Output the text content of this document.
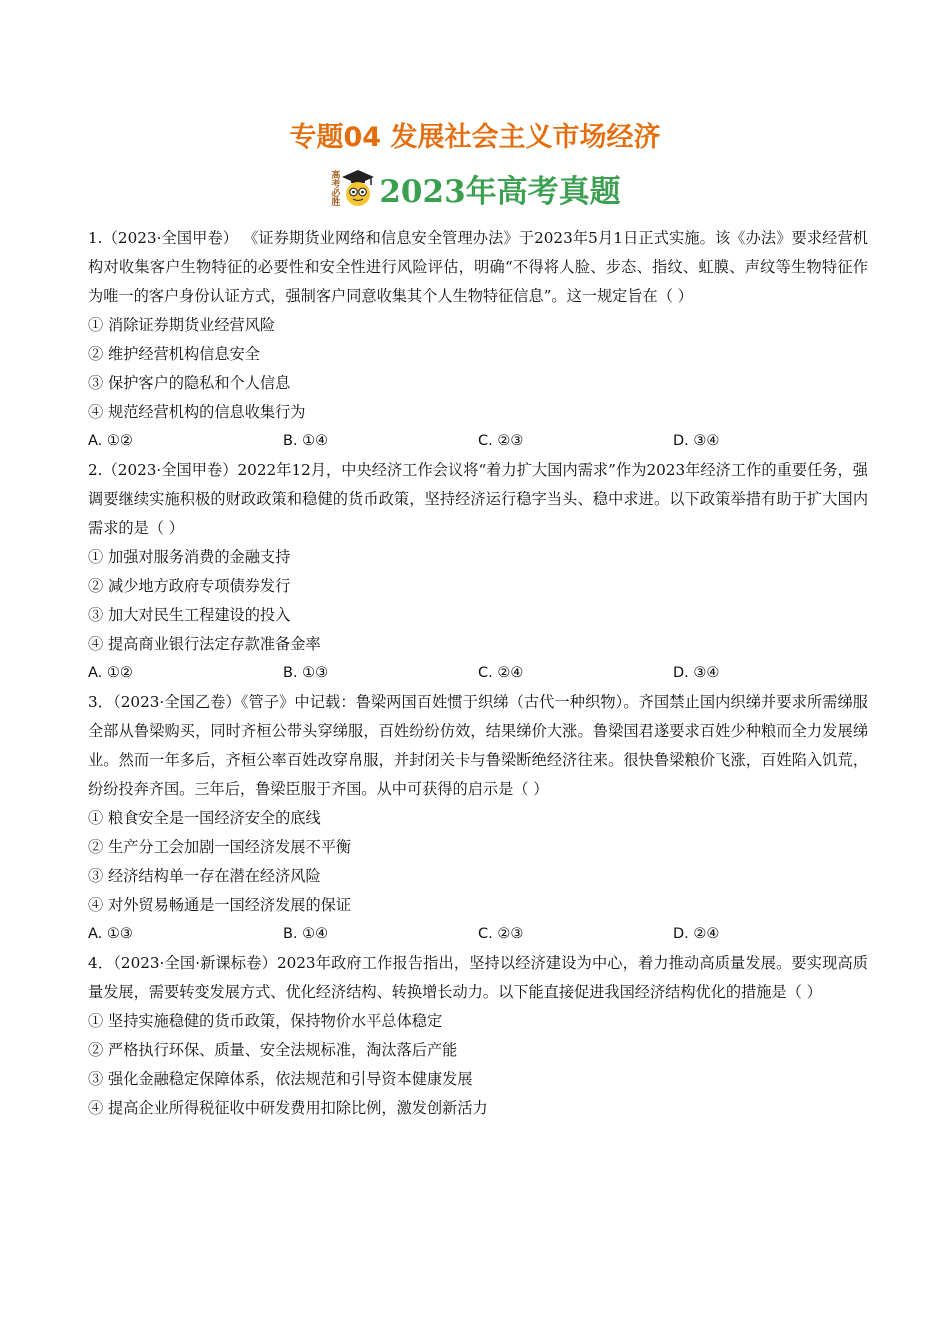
专题04 发展社会主义市场经济
高考必胜 2023年高考真题

1.（2023·全国甲卷） 《证券期货业网络和信息安全管理办法》于2023年5月1日正式实施。该《办法》要求经营机构对收集客户生物特征的必要性和安全性进行风险评估，明确“不得将人脸、步态、指纹、虹膜、声纹等生物特征作为唯一的客户身份认证方式，强制客户同意收集其个人生物特征信息”。这一规定旨在（ ）

① 消除证券期货业经营风险

② 维护经营机构信息安全

③ 保护客户的隐私和个人信息

④ 规范经营机构的信息收集行为

A. ①②	B. ①④	C. ②③	D. ③④

2.（2023·全国甲卷）2022年12月，中央经济工作会议将“着力扩大国内需求”作为2023年经济工作的重要任务，强调要继续实施积极的财政政策和稳健的货币政策，坚持经济运行稳字当头、稳中求进。以下政策举措有助于扩大国内需求的是（ ）

① 加强对服务消费的金融支持

② 减少地方政府专项债券发行

③ 加大对民生工程建设的投入

④ 提高商业银行法定存款准备金率

A. ①②	B. ①③	C. ②④	D. ③④

3．（2023·全国乙卷）《管子》中记载：鲁梁两国百姓惯于织绨（古代一种织物）。齐国禁止国内织绨并要求所需绨服全部从鲁梁购买，同时齐桓公带头穿绨服，百姓纷纷仿效，结果绨价大涨。鲁梁国君遂要求百姓少种粮而全力发展绨业。然而一年多后，齐桓公率百姓改穿帛服，并封闭关卡与鲁梁断绝经济往来。很快鲁梁粮价飞涨，百姓陷入饥荒，纷纷投奔齐国。三年后，鲁梁臣服于齐国。从中可获得的启示是（ ）

① 粮食安全是一国经济安全的底线

② 生产分工会加剧一国经济发展不平衡

③ 经济结构单一存在潜在经济风险

④ 对外贸易畅通是一国经济发展的保证

A. ①③	B. ①④	C. ②③	D. ②④

4．（2023·全国·新课标卷）2023年政府工作报告指出，坚持以经济建设为中心，着力推动高质量发展。要实现高质量发展，需要转变发展方式、优化经济结构、转换增长动力。以下能直接促进我国经济结构优化的措施是（ ）

① 坚持实施稳健的货币政策，保持物价水平总体稳定

② 严格执行环保、质量、安全法规标准，淘汰落后产能

③ 强化金融稳定保障体系，依法规范和引导资本健康发展

④ 提高企业所得税征收中研发费用扣除比例，激发创新活力
